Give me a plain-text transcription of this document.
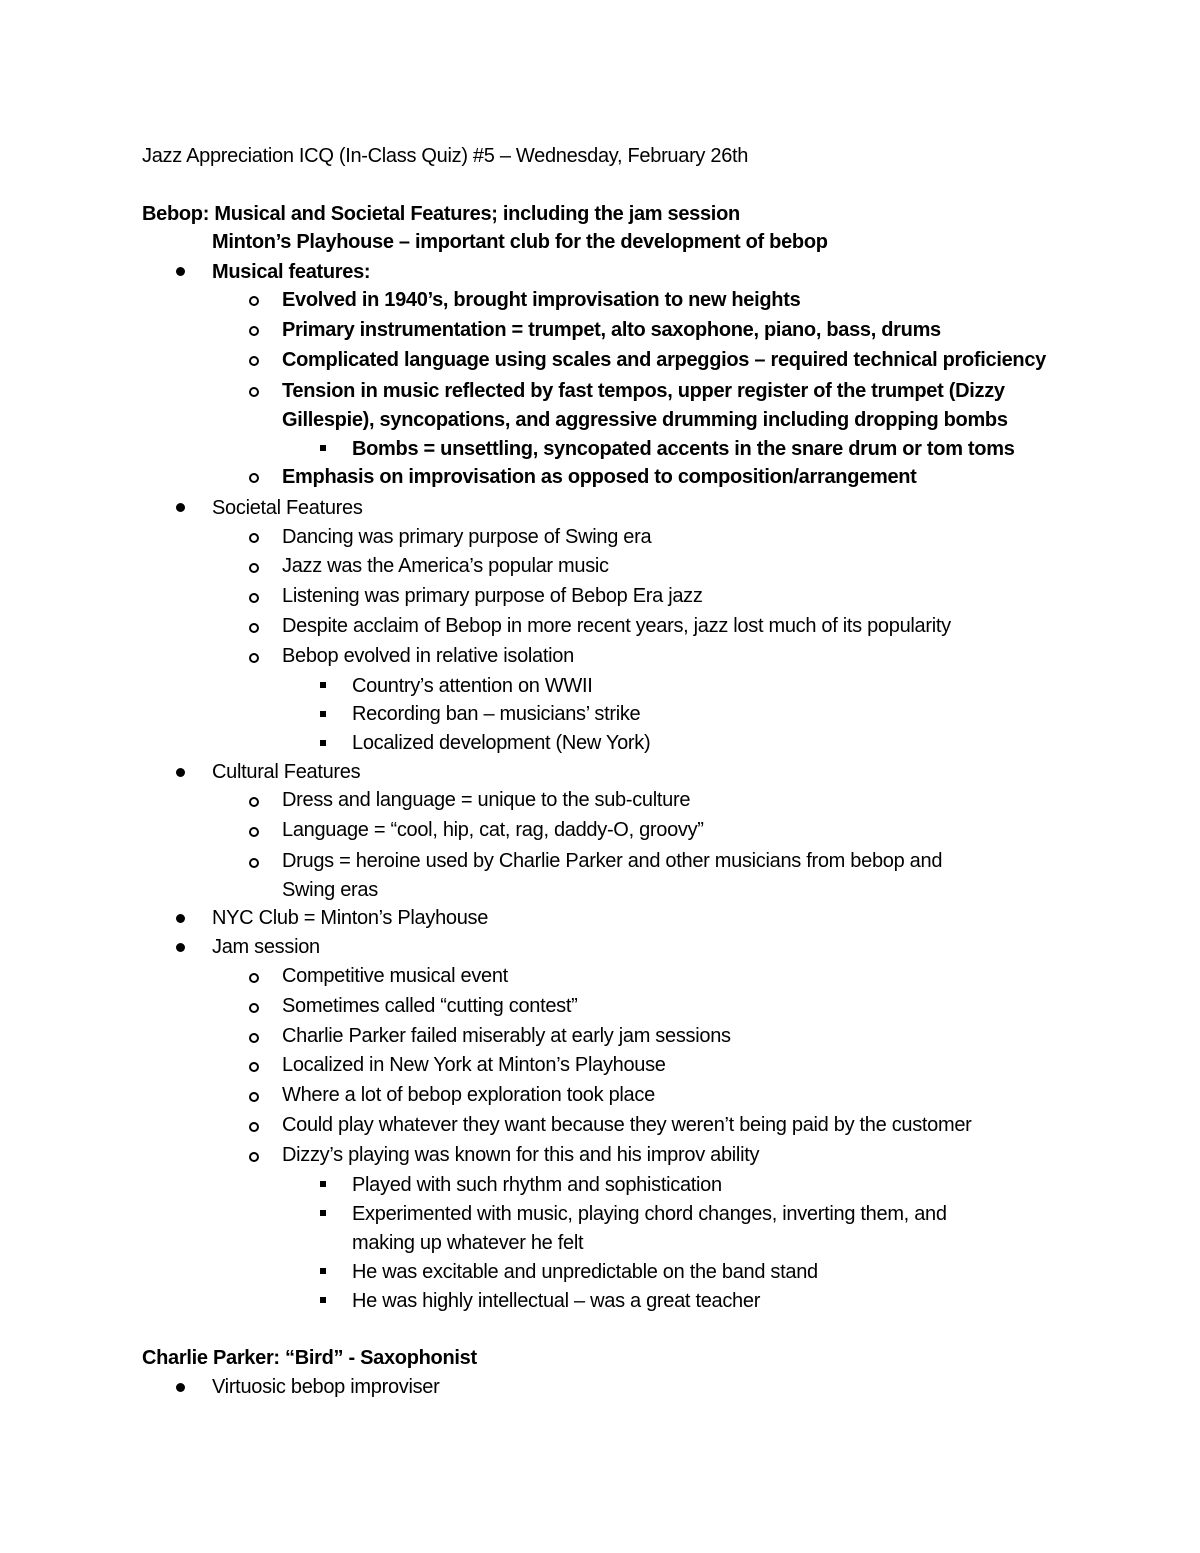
Jazz Appreciation ICQ (In-Class Quiz) #5 – Wednesday, February 26th
Bebop: Musical and Societal Features; including the jam session
Minton’s Playhouse – important club for the development of bebop
Musical features:
Evolved in 1940’s, brought improvisation to new heights
Primary instrumentation = trumpet, alto saxophone, piano, bass, drums
Complicated language using scales and arpeggios – required technical proficiency
Tension in music reflected by fast tempos, upper register of the trumpet (Dizzy
Gillespie), syncopations, and aggressive drumming including dropping bombs
Bombs = unsettling, syncopated accents in the snare drum or tom toms
Emphasis on improvisation as opposed to composition/arrangement
Societal Features
Dancing was primary purpose of Swing era
Jazz was the America’s popular music
Listening was primary purpose of Bebop Era jazz
Despite acclaim of Bebop in more recent years, jazz lost much of its popularity
Bebop evolved in relative isolation
Country’s attention on WWII
Recording ban – musicians’ strike
Localized development (New York)
Cultural Features
Dress and language = unique to the sub-culture
Language = “cool, hip, cat, rag, daddy-O, groovy”
Drugs = heroine used by Charlie Parker and other musicians from bebop and
Swing eras
NYC Club = Minton’s Playhouse
Jam session
Competitive musical event
Sometimes called “cutting contest”
Charlie Parker failed miserably at early jam sessions
Localized in New York at Minton’s Playhouse
Where a lot of bebop exploration took place
Could play whatever they want because they weren’t being paid by the customer
Dizzy’s playing was known for this and his improv ability
Played with such rhythm and sophistication
Experimented with music, playing chord changes, inverting them, and
making up whatever he felt
He was excitable and unpredictable on the band stand
He was highly intellectual – was a great teacher
Charlie Parker: “Bird” - Saxophonist
Virtuosic bebop improviser
